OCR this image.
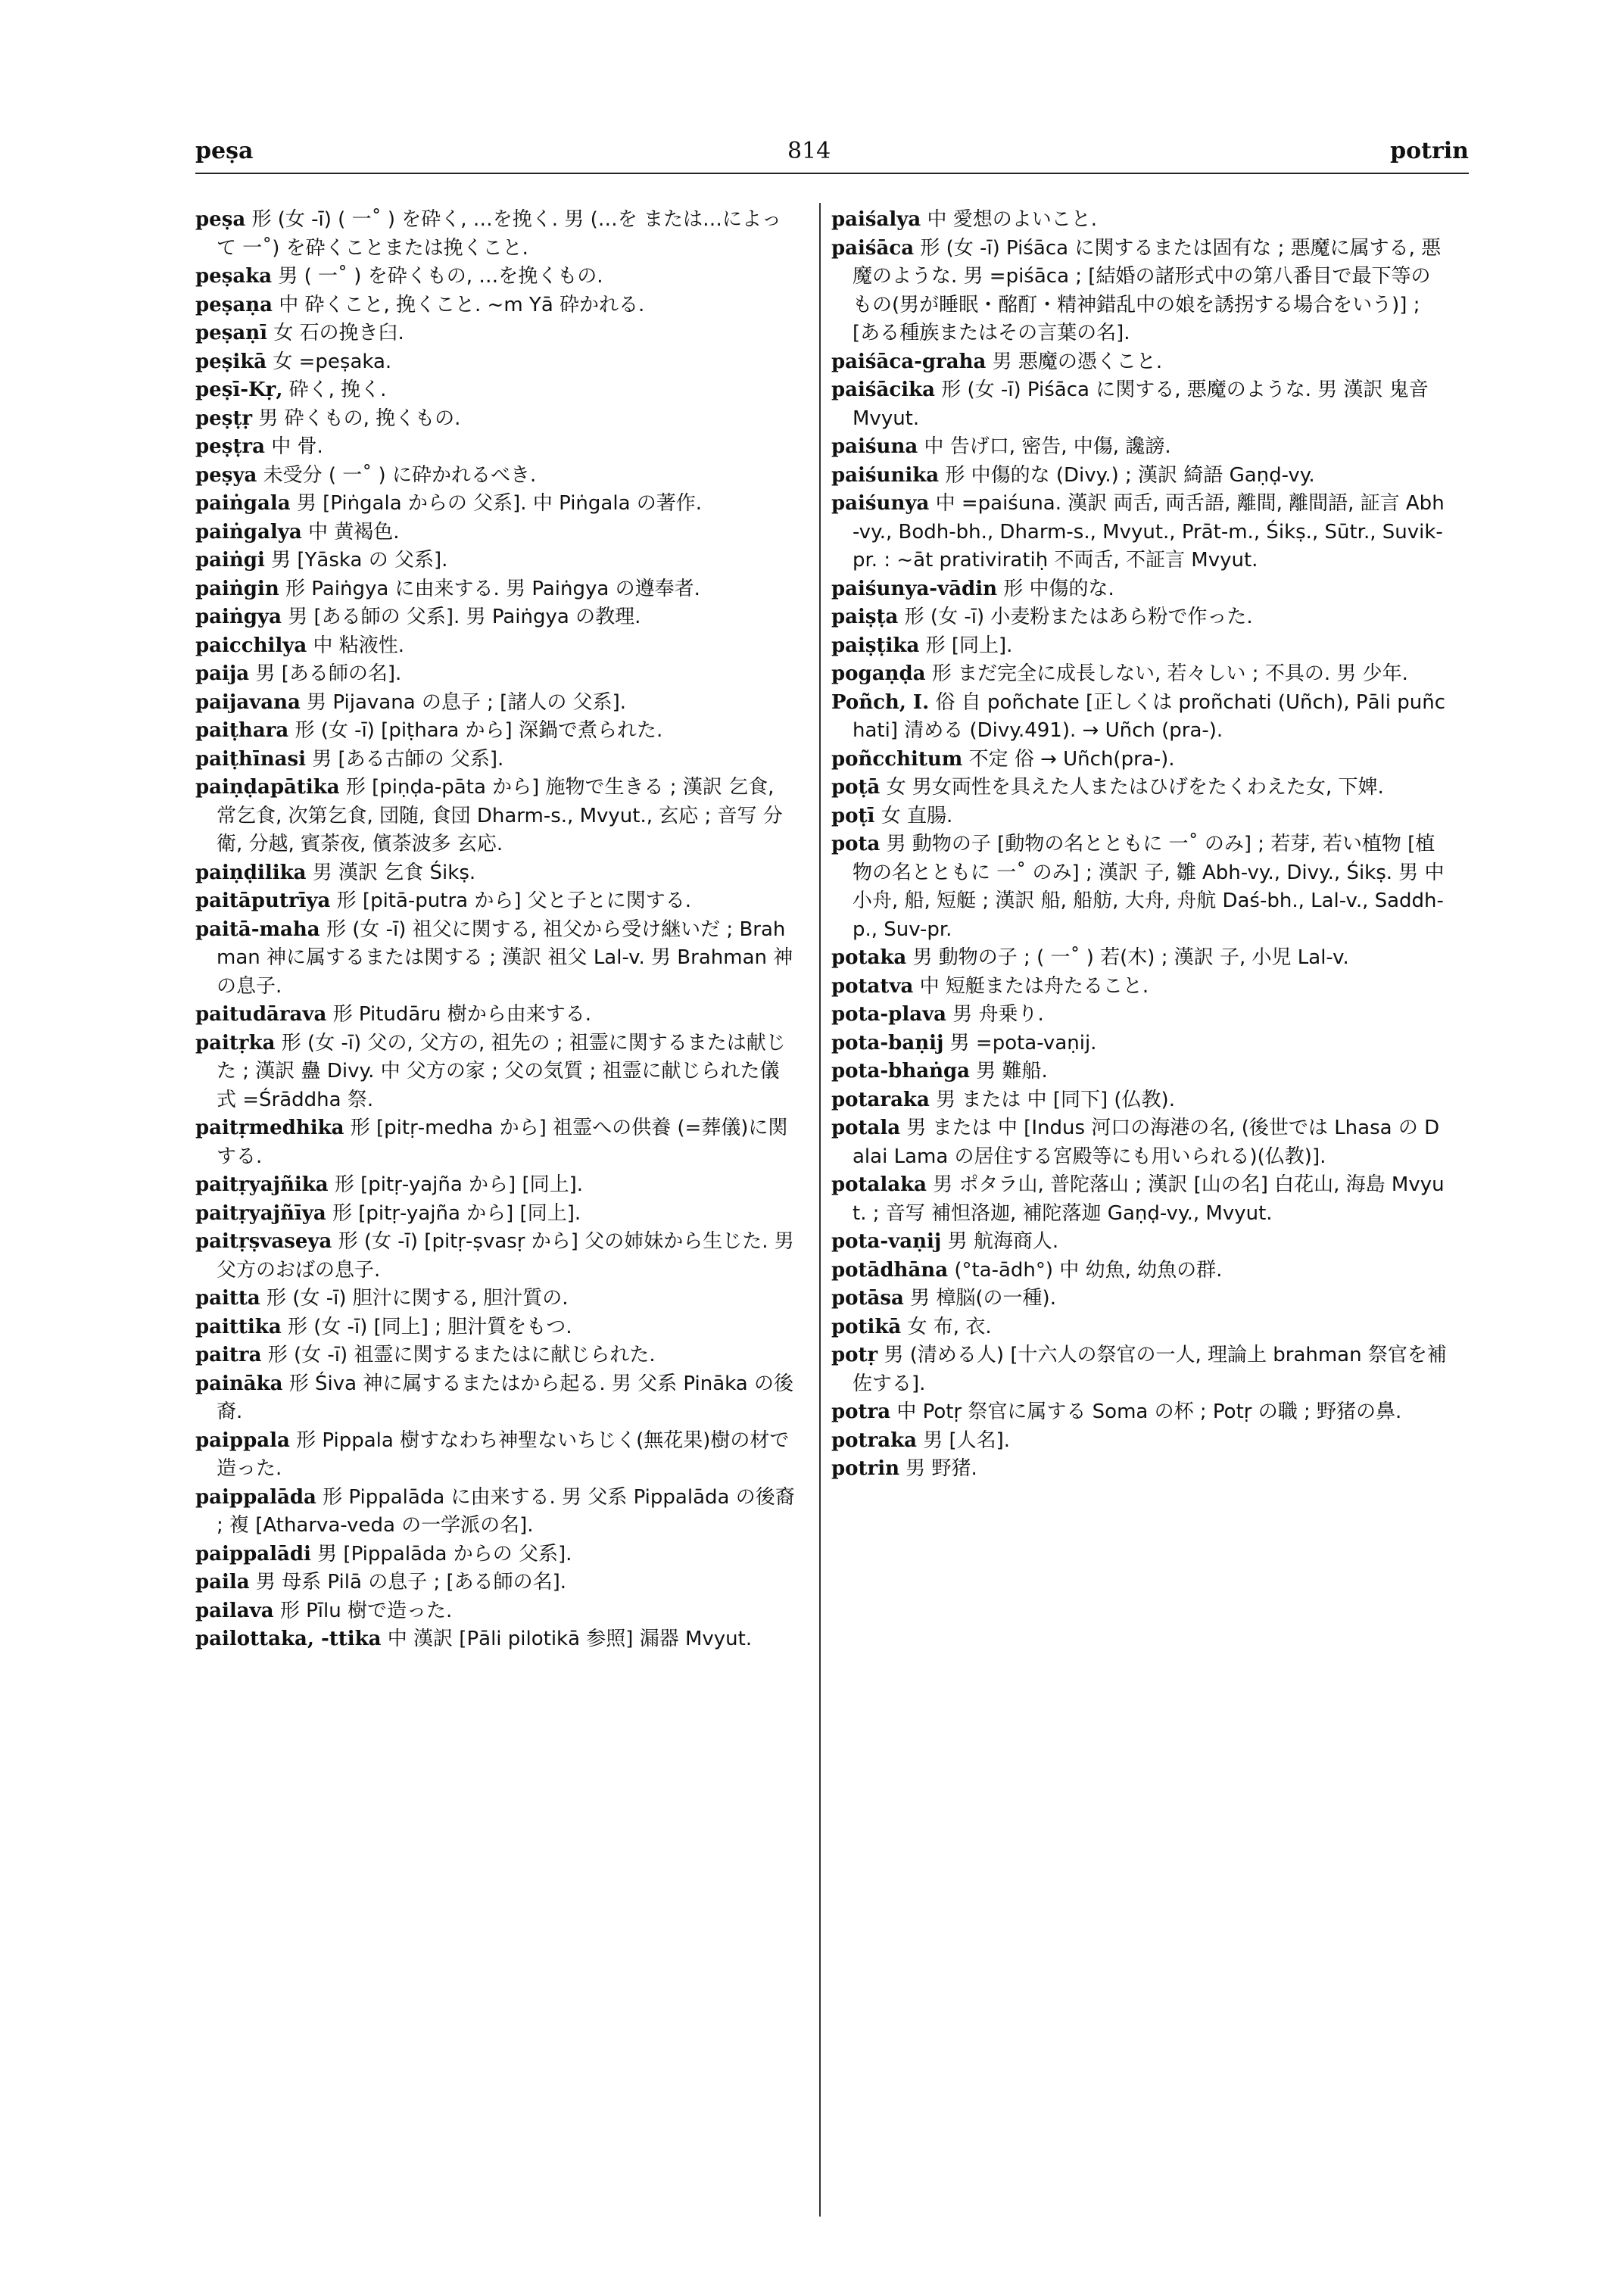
peṣa	814	potrin

peṣa 形 (女 -ī) ( 一˚ ) を砕く, …を挽く. 男 (…を または…によって 一˚) を砕くことまたは挽くこと.

peṣaka 男 ( 一˚ ) を砕くもの, …を挽くもの.

peṣaṇa 中 砕くこと, 挽くこと. ~m Yā 砕かれる.

peṣaṇī 女 石の挽き臼.

peṣikā 女 =peṣaka.

peṣī-Kṛ, 砕く, 挽く.

peṣṭṛ 男 砕くもの, 挽くもの.

peṣṭra 中 骨.

peṣya 未受分 ( 一˚ ) に砕かれるべき.

paiṅgala 男 [Piṅgala からの 父系]. 中 Piṅgala の著作.

paiṅgalya 中 黄褐色.

paiṅgi 男 [Yāska の 父系].

paiṅgin 形 Paiṅgya に由来する. 男 Paiṅgya の遵奉者.

paiṅgya 男 [ある師の 父系]. 男 Paiṅgya の教理.

paicchilya 中 粘液性.

paija 男 [ある師の名].

paijavana 男 Pijavana の息子 ; [諸人の 父系].

paiṭhara 形 (女 -ī) [piṭhara から] 深鍋で煮られた.

paiṭhīnasi 男 [ある古師の 父系].

paiṇḍapātika 形 [piṇḍa-pāta から] 施物で生きる ; 漢訳 乞食, 常乞食, 次第乞食, 団随, 食団 Dharm-s., Mvyut., 玄応 ; 音写 分衛, 分越, 賓荼夜, 儐荼波多 玄応.

paiṇḍilika 男 漢訳 乞食 Śikṣ.

paitāputrīya 形 [pitā-putra から] 父と子とに関する.

paitā-maha 形 (女 -ī) 祖父に関する, 祖父から受け継いだ ; Brahman 神に属するまたは関する ; 漢訳 祖父 Lal-v. 男 Brahman 神の息子.

paitudārava 形 Pitudāru 樹から由来する.

paitṛka 形 (女 -ī) 父の, 父方の, 祖先の ; 祖霊に関するまたは献じた ; 漢訳 蠱 Divy. 中 父方の家 ; 父の気質 ; 祖霊に献じられた儀式 =Śrāddha 祭.

paitṛmedhika 形 [pitṛ-medha から] 祖霊への供養 (=葬儀)に関する.

paitṛyajñika 形 [pitṛ-yajña から] [同上].

paitṛyajñīya 形 [pitṛ-yajña から] [同上].

paitṛṣvaseya 形 (女 -ī) [pitṛ-ṣvasṛ から] 父の姉妹から生じた. 男 父方のおばの息子.

paitta 形 (女 -ī) 胆汁に関する, 胆汁質の.

paittika 形 (女 -ī) [同上] ; 胆汁質をもつ.

paitra 形 (女 -ī) 祖霊に関するまたはに献じられた.

paināka 形 Śiva 神に属するまたはから起る. 男 父系 Pināka の後裔.

paippala 形 Pippala 樹すなわち神聖ないちじく(無花果)樹の材で造った.

paippalāda 形 Pippalāda に由来する. 男 父系 Pippalāda の後裔 ; 複 [Atharva-veda の一学派の名].

paippalādi 男 [Pippalāda からの 父系].

paila 男 母系 Pilā の息子 ; [ある師の名].

pailava 形 Pīlu 樹で造った.

pailottaka, -ttika 中 漢訳 [Pāli pilotikā 参照] 漏器 Mvyut.

paiśalya 中 愛想のよいこと.

paiśāca 形 (女 -ī) Piśāca に関するまたは固有な ; 悪魔に属する, 悪魔のような. 男 =piśāca ; [結婚の諸形式中の第八番目で最下等のもの(男が睡眠・酩酊・精神錯乱中の娘を誘拐する場合をいう)] ; [ある種族またはその言葉の名].

paiśāca-graha 男 悪魔の憑くこと.

paiśācika 形 (女 -ī) Piśāca に関する, 悪魔のような. 男 漢訳 鬼音 Mvyut.

paiśuna 中 告げ口, 密告, 中傷, 讒謗.

paiśunika 形 中傷的な (Divy.) ; 漢訳 綺語 Gaṇḍ-vy.

paiśunya 中 =paiśuna. 漢訳 両舌, 両舌語, 離間, 離間語, 証言 Abh-vy., Bodh-bh., Dharm-s., Mvyut., Prāt-m., Śikṣ., Sūtr., Suvik-pr. : ~āt prativiratiḥ 不両舌, 不証言 Mvyut.

paiśunya-vādin 形 中傷的な.

paiṣṭa 形 (女 -ī) 小麦粉またはあら粉で作った.

paiṣṭika 形 [同上].

pogaṇḍa 形 まだ完全に成長しない, 若々しい ; 不具の. 男 少年.

Poñch, I. 俗 自 poñchate [正しくは proñchati (Uñch), Pāli puñchati] 清める (Divy.491). → Uñch (pra-).

poñcchitum 不定 俗 → Uñch(pra-).

poṭā 女 男女両性を具えた人またはひげをたくわえた女, 下婢.

poṭī 女 直腸.

pota 男 動物の子 [動物の名とともに 一˚ のみ] ; 若芽, 若い植物 [植物の名とともに 一˚ のみ] ; 漢訳 子, 雛 Abh-vy., Divy., Śikṣ. 男 中 小舟, 船, 短艇 ; 漢訳 船, 船舫, 大舟, 舟航 Daś-bh., Lal-v., Saddh-p., Suv-pr.

potaka 男 動物の子 ; ( 一˚ ) 若(木) ; 漢訳 子, 小児 Lal-v.

potatva 中 短艇または舟たること.

pota-plava 男 舟乗り.

pota-baṇij 男 =pota-vaṇij.

pota-bhaṅga 男 難船.

potaraka 男 または 中 [同下] (仏教).

potala 男 または 中 [Indus 河口の海港の名, (後世では Lhasa の Dalai Lama の居住する宮殿等にも用いられる)(仏教)].

potalaka 男 ポタラ山, 普陀落山 ; 漢訳 [山の名] 白花山, 海島 Mvyut. ; 音写 補怛洛迦, 補陀落迦 Gaṇḍ-vy., Mvyut.

pota-vaṇij 男 航海商人.

potādhāna (°ta-ādh°) 中 幼魚, 幼魚の群.

potāsa 男 樟脳(の一種).

potikā 女 布, 衣.

potṛ 男 (清める人) [十六人の祭官の一人, 理論上 brahman 祭官を補佐する].

potra 中 Potṛ 祭官に属する Soma の杯 ; Potṛ の職 ; 野猪の鼻.

potraka 男 [人名].

potrin 男 野猪.
